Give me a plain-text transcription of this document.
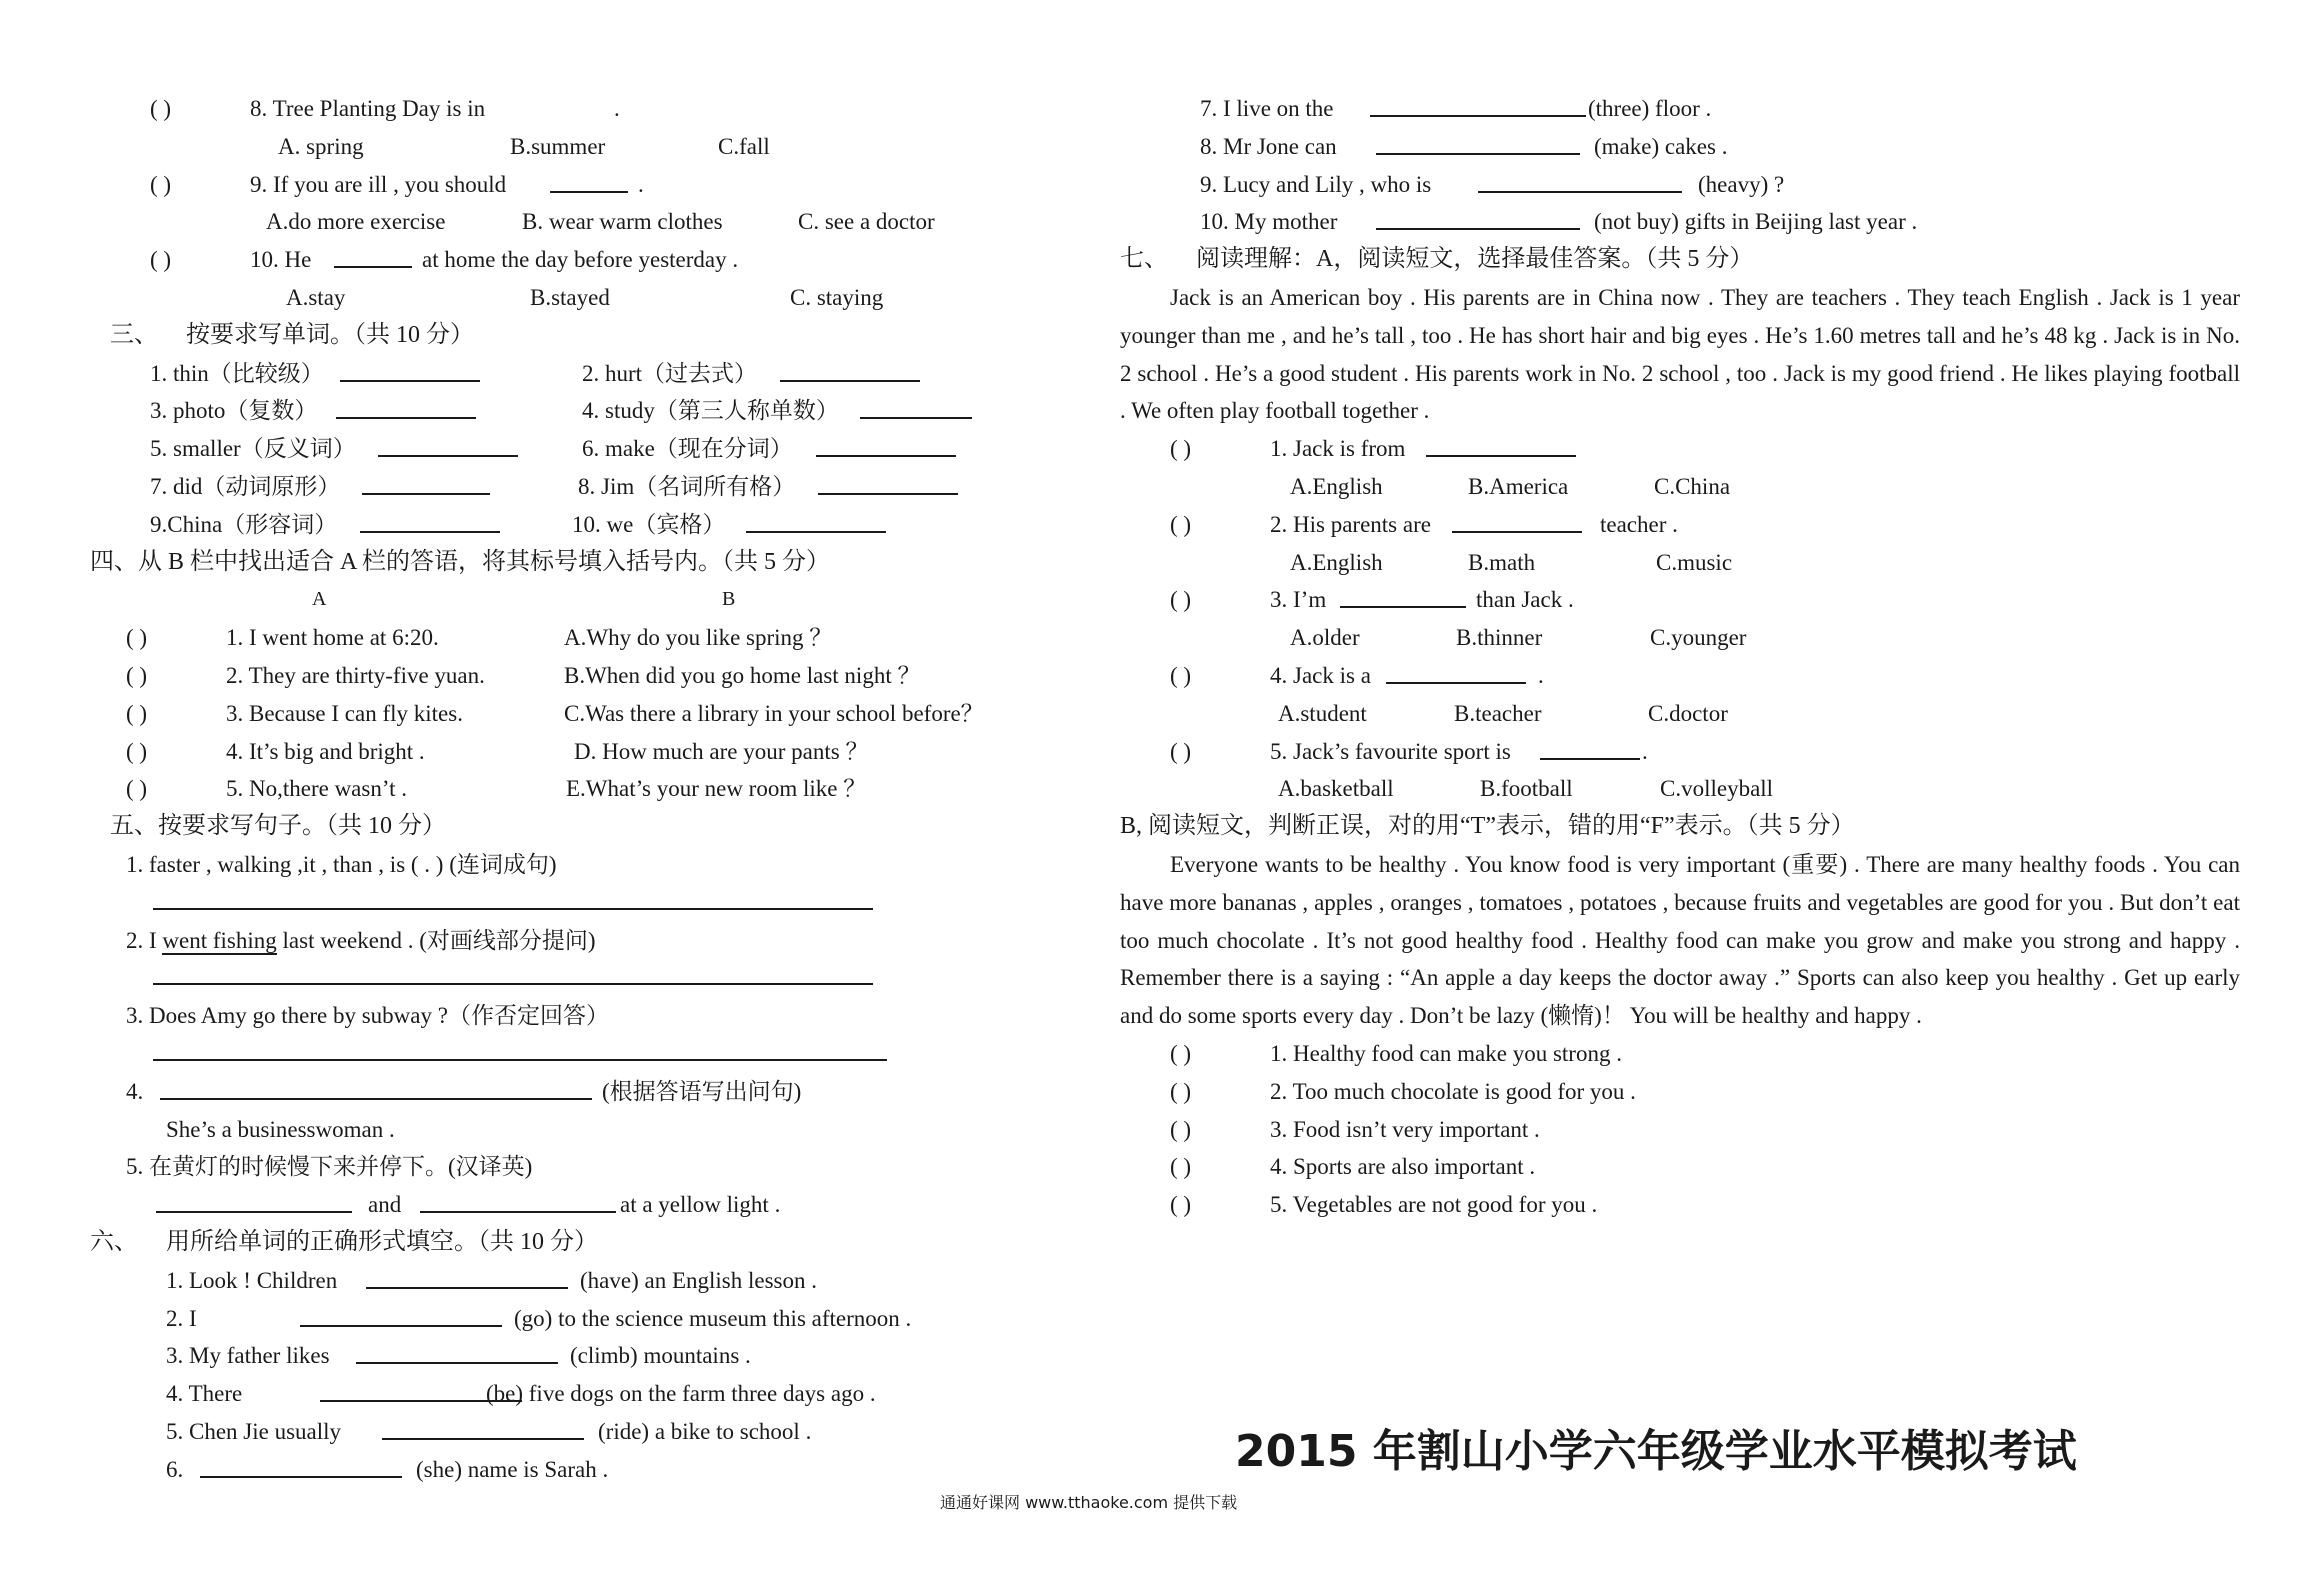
( )	8. Tree Planting Day is in	.
A. spring	B.summer	C.fall
( )	9. If you are ill , you should	.
A.do more exercise	B. wear warm clothes	C. see a doctor
( )	10. He	at home the day before yesterday .
A.stay	B.stayed	C. staying
三、 按要求写单词。（共 10 分）
1. thin（比较级）	2. hurt（过去式）
3. photo（复数）	4. study（第三人称单数）
5. smaller（反义词）	6. make（现在分词）
7. did（动词原形）	8. Jim（名词所有格）
9.China（形容词）	10. we（宾格）
四、从 B 栏中找出适合 A 栏的答语，将其标号填入括号内。（共 5 分）
A	B
( )	1. I went home at 6:20.	A.Why do you like spring ？
( )	2. They are thirty-five yuan.	B.When did you go home last night ？
( )	3. Because I can fly kites.	C.Was there a library in your school before？
( )	4. It’s big and bright .	D. How much are your pants ？
( )	5. No,there wasn’t .	E.What’s your new room like ？
五、按要求写句子。（共 10 分）
1. faster , walking ,it , than , is ( . ) (连词成句)
2. I went fishing last weekend . (对画线部分提问)
3. Does Amy go there by subway ?（作否定回答）
4.	(根据答语写出问句)
She’s a businesswoman .
5. 在黄灯的时候慢下来并停下。(汉译英)
and	at a yellow light .
六、 用所给单词的正确形式填空。（共 10 分）
1. Look ! Children	(have) an English lesson .
2. I	(go) to the science museum this afternoon .
3. My father likes	(climb) mountains .
4. There	(be) five dogs on the farm three days ago .
5. Chen Jie usually	(ride) a bike to school .
6.	(she) name is Sarah .
7. I live on the	(three) floor .
8. Mr Jone can	(make) cakes .
9. Lucy and Lily , who is	(heavy) ?
10. My mother	(not buy) gifts in Beijing last year .
七、 阅读理解：A，阅读短文，选择最佳答案。（共 5 分）

Jack is an American boy . His parents are in China now . They are teachers . They teach English . Jack is 1 year younger than me , and he’s tall , too . He has short hair and big eyes . He’s 1.60 metres tall and he’s 48 kg . Jack is in No. 2 school . He’s a good student . His parents work in No. 2 school , too . Jack is my good friend . He likes playing football . We often play football together .

( )	1. Jack is from
A.English	B.America	C.China
( )	2. His parents are	teacher .
A.English	B.math	C.music
( )	3. I’m	than Jack .
A.older	B.thinner	C.younger
( )	4. Jack is a	.
A.student	B.teacher	C.doctor
( )	5. Jack’s favourite sport is	.
A.basketball	B.football	C.volleyball
B, 阅读短文，判断正误，对的用“T”表示，错的用“F”表示。（共 5 分）

Everyone wants to be healthy . You know food is very important (重要) . There are many healthy foods . You can have more bananas , apples , oranges , tomatoes , potatoes , because fruits and vegetables are good for you . But don’t eat too much chocolate . It’s not good healthy food . Healthy food can make you grow and make you strong and happy . Remember there is a saying : “An apple a day keeps the doctor away .” Sports can also keep you healthy . Get up early and do some sports every day . Don’t be lazy (懒惰)！ You will be healthy and happy .

( )	1. Healthy food can make you strong .
( )	2. Too much chocolate is good for you .
( )	3. Food isn’t very important .
( )	4. Sports are also important .
( )	5. Vegetables are not good for you .
2015 年割山小学六年级学业水平模拟考试
通通好课网 www.tthaoke.com 提供下载
